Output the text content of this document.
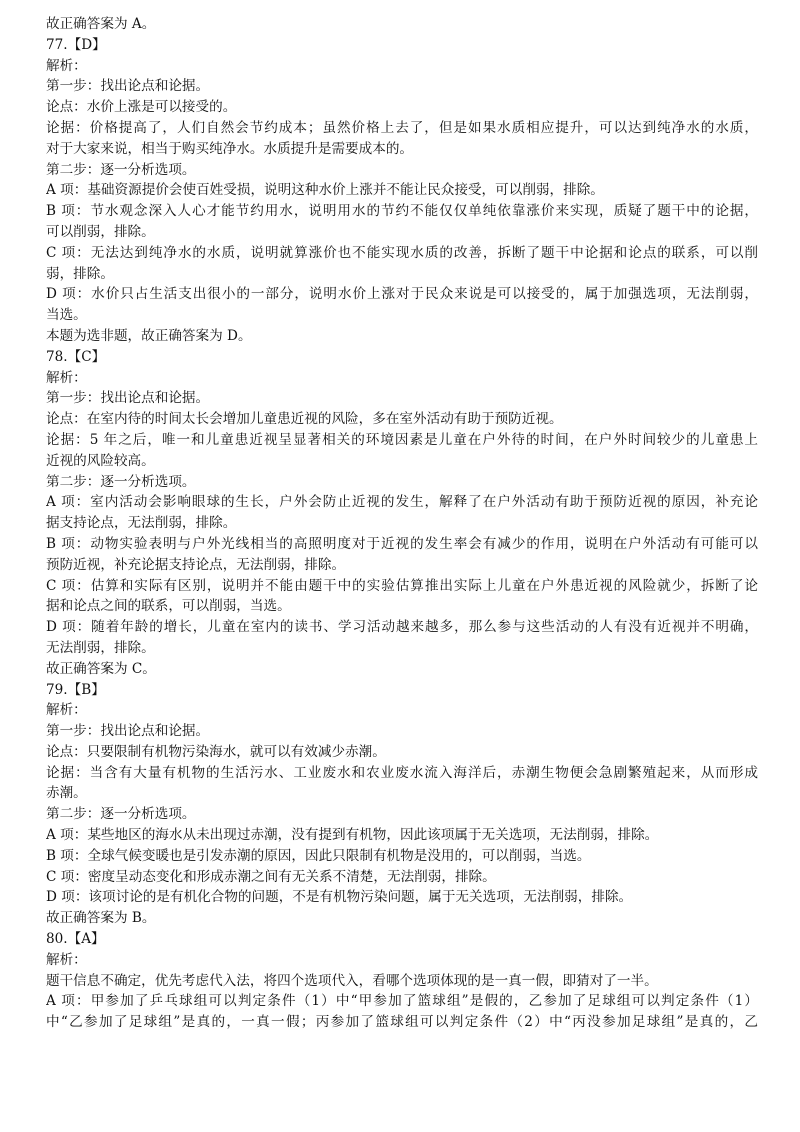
故正确答案为 A。
77.【D】
解析：
第一步：找出论点和论据。
论点：水价上涨是可以接受的。
论据：价格提高了，人们自然会节约成本；虽然价格上去了，但是如果水质相应提升，可以达到纯净水的水质，
对于大家来说，相当于购买纯净水。水质提升是需要成本的。
第二步：逐一分析选项。
A 项：基础资源提价会使百姓受损，说明这种水价上涨并不能让民众接受，可以削弱，排除。
B 项：节水观念深入人心才能节约用水，说明用水的节约不能仅仅单纯依靠涨价来实现，质疑了题干中的论据，
可以削弱，排除。
C 项：无法达到纯净水的水质，说明就算涨价也不能实现水质的改善，拆断了题干中论据和论点的联系，可以削
弱，排除。
D 项：水价只占生活支出很小的一部分，说明水价上涨对于民众来说是可以接受的，属于加强选项，无法削弱，
当选。
本题为选非题，故正确答案为 D。
78.【C】
解析：
第一步：找出论点和论据。
论点：在室内待的时间太长会增加儿童患近视的风险，多在室外活动有助于预防近视。
论据：5 年之后，唯一和儿童患近视呈显著相关的环境因素是儿童在户外待的时间，在户外时间较少的儿童患上
近视的风险较高。
第二步：逐一分析选项。
A 项：室内活动会影响眼球的生长，户外会防止近视的发生，解释了在户外活动有助于预防近视的原因，补充论
据支持论点，无法削弱，排除。
B 项：动物实验表明与户外光线相当的高照明度对于近视的发生率会有减少的作用，说明在户外活动有可能可以
预防近视，补充论据支持论点，无法削弱，排除。
C 项：估算和实际有区别，说明并不能由题干中的实验估算推出实际上儿童在户外患近视的风险就少，拆断了论
据和论点之间的联系，可以削弱，当选。
D 项：随着年龄的增长，儿童在室内的读书、学习活动越来越多，那么参与这些活动的人有没有近视并不明确，
无法削弱，排除。
故正确答案为 C。
79.【B】
解析：
第一步：找出论点和论据。
论点：只要限制有机物污染海水，就可以有效减少赤潮。
论据：当含有大量有机物的生活污水、工业废水和农业废水流入海洋后，赤潮生物便会急剧繁殖起来，从而形成
赤潮。
第二步：逐一分析选项。
A 项：某些地区的海水从未出现过赤潮，没有提到有机物，因此该项属于无关选项，无法削弱，排除。
B 项：全球气候变暖也是引发赤潮的原因，因此只限制有机物是没用的，可以削弱，当选。
C 项：密度呈动态变化和形成赤潮之间有无关系不清楚，无法削弱，排除。
D 项：该项讨论的是有机化合物的问题，不是有机物污染问题，属于无关选项，无法削弱，排除。
故正确答案为 B。
80.【A】
解析：
题干信息不确定，优先考虑代入法，将四个选项代入，看哪个选项体现的是一真一假，即猜对了一半。
A 项：甲参加了乒乓球组可以判定条件（1）中“甲参加了篮球组”是假的，乙参加了足球组可以判定条件（1）
中“乙参加了足球组”是真的，一真一假；丙参加了篮球组可以判定条件（2）中“丙没参加足球组”是真的，乙
